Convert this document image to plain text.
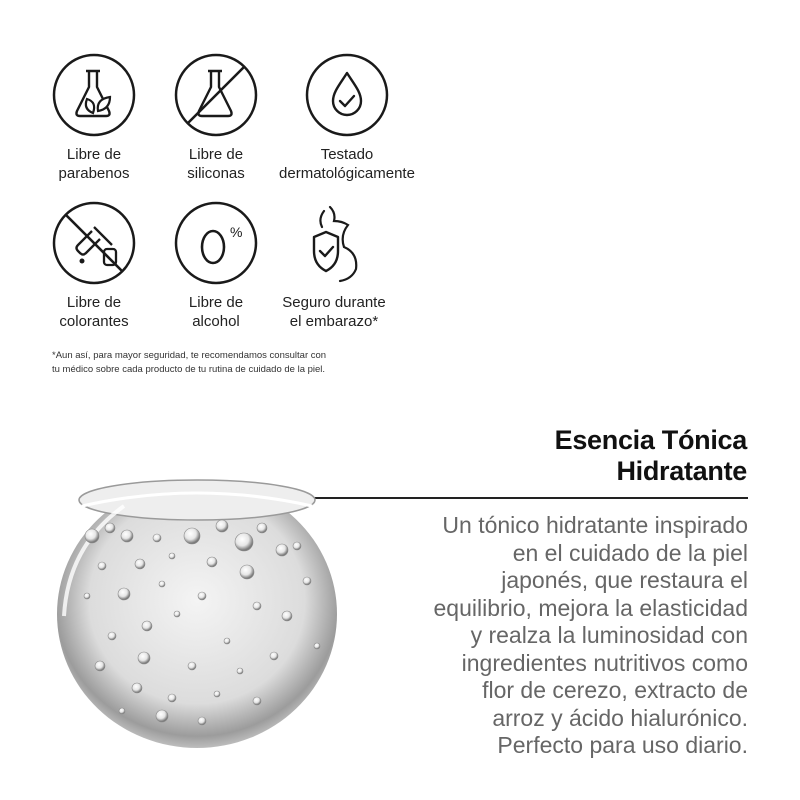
Libre de
parabenos
Libre de
siliconas
Testado
dermatológicamente
Libre de
colorantes
%
Libre de
alcohol
Seguro durante
el embarazo*
*Aun así, para mayor seguridad, te recomendamos consultar con
tu médico sobre cada producto de tu rutina de cuidado de la piel.
Esencia Tónica
Hidratante
Un tónico hidratante inspirado
en el cuidado de la piel
japonés, que restaura el
equilibrio, mejora la elasticidad
y realza la luminosidad con
ingredientes nutritivos como
flor de cerezo, extracto de
arroz y ácido hialurónico.
Perfecto para uso diario.
